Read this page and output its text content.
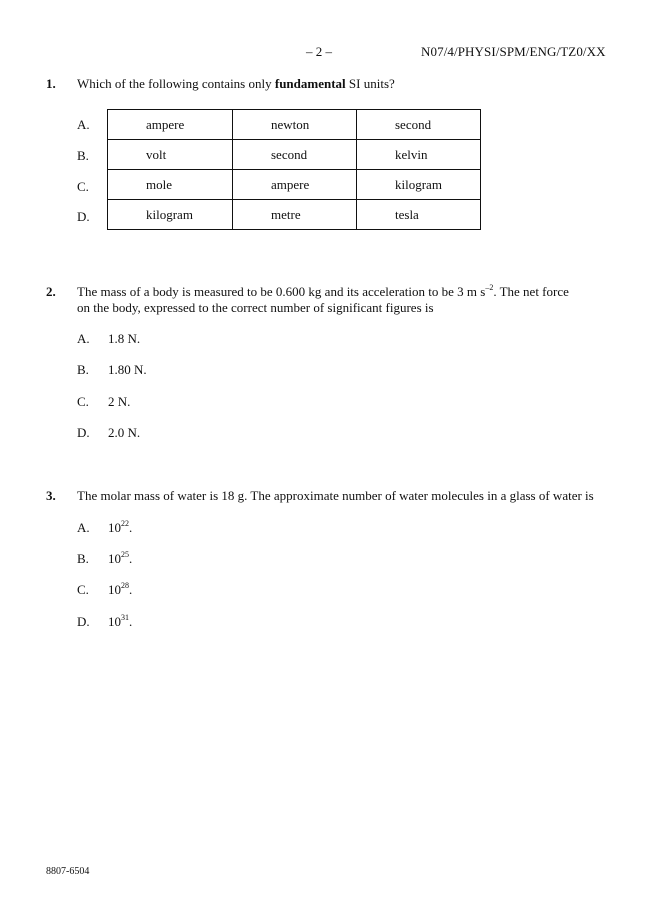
– 2 –	N07/4/PHYSI/SPM/ENG/TZ0/XX
1. Which of the following contains only fundamental SI units?
A.
B.
C.
D.
ampere	newton	second
volt	second	kelvin
mole	ampere	kilogram
kilogram	metre	tesla
2. The mass of a body is measured to be 0.600 kg and its acceleration to be 3 m $s^{-2}$. The net force
on the body, expressed to the correct number of significant figures is
A. 1.8 N.
B. 1.80 N.
C. 2 N.
D. 2.0 N.
3. The molar mass of water is 18 g. The approximate number of water molecules in a glass of water is
A. $10^{22}$.
B. $10^{25}$.
C. $10^{28}$.
D. $10^{31}$.
8807-6504
